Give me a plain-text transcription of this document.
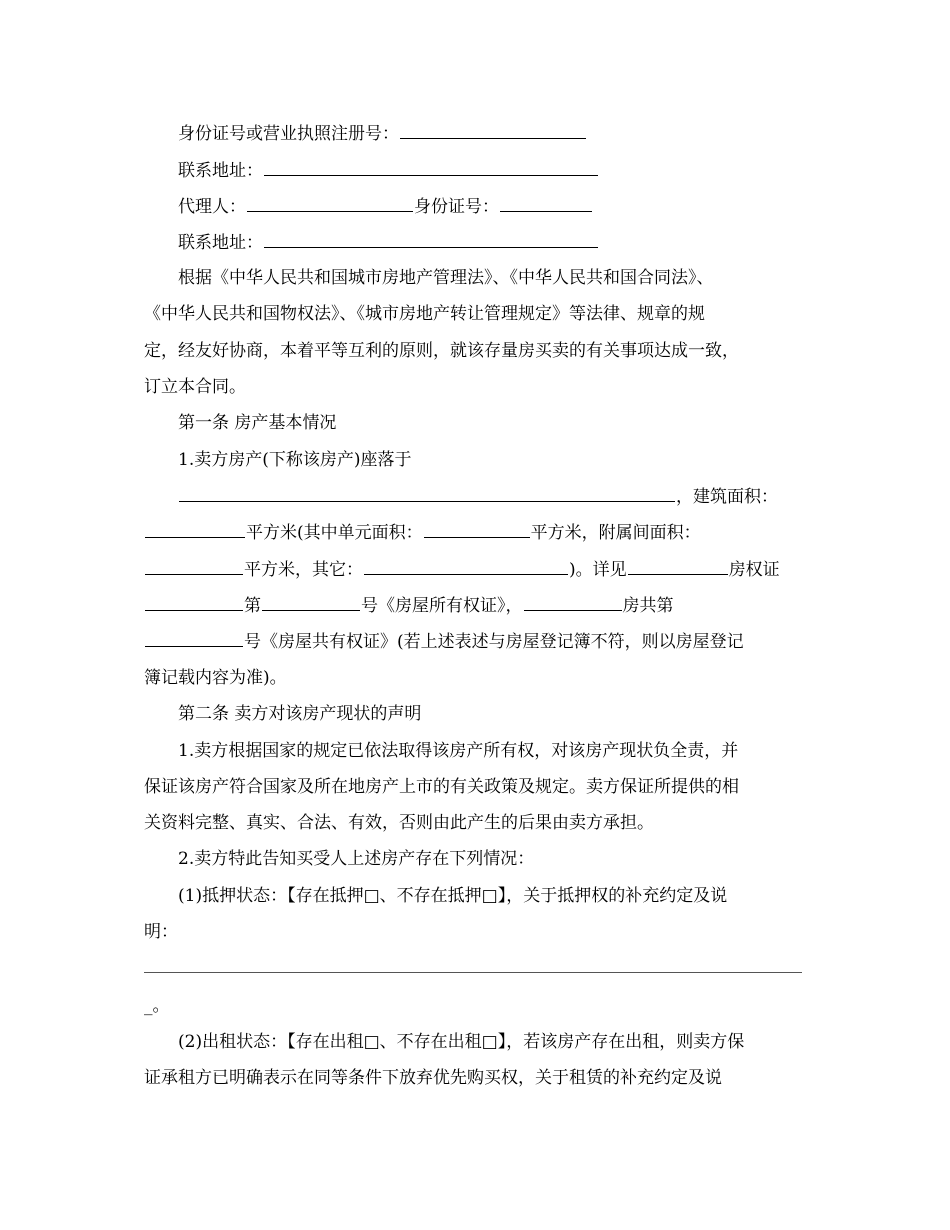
身份证号或营业执照注册号：
联系地址：
代理人：	身份证号：
联系地址：
根据《中华人民共和国城市房地产管理法》、《中华人民共和国合同法》、
《中华人民共和国物权法》、《城市房地产转让管理规定》等法律、规章的规
定，经友好协商，本着平等互利的原则，就该存量房买卖的有关事项达成一致，
订立本合同。
第一条 房产基本情况
1.卖方房产(下称该房产)座落于
，建筑面积：
平方米(其中单元面积：	平方米，附属间面积：
平方米，其它：	)。详见	房权证
第	号《房屋所有权证》，	房共第
号《房屋共有权证》(若上述表述与房屋登记簿不符，则以房屋登记
簿记载内容为准)。
第二条 卖方对该房产现状的声明
1.卖方根据国家的规定已依法取得该房产所有权，对该房产现状负全责，并
保证该房产符合国家及所在地房产上市的有关政策及规定。卖方保证所提供的相
关资料完整、真实、合法、有效，否则由此产生的后果由卖方承担。
2.卖方特此告知买受人上述房产存在下列情况：
(1)抵押状态：【存在抵押□、不存在抵押□】，关于抵押权的补充约定及说
明：
_。
(2)出租状态：【存在出租□、不存在出租□】，若该房产存在出租，则卖方保
证承租方已明确表示在同等条件下放弃优先购买权，关于租赁的补充约定及说
